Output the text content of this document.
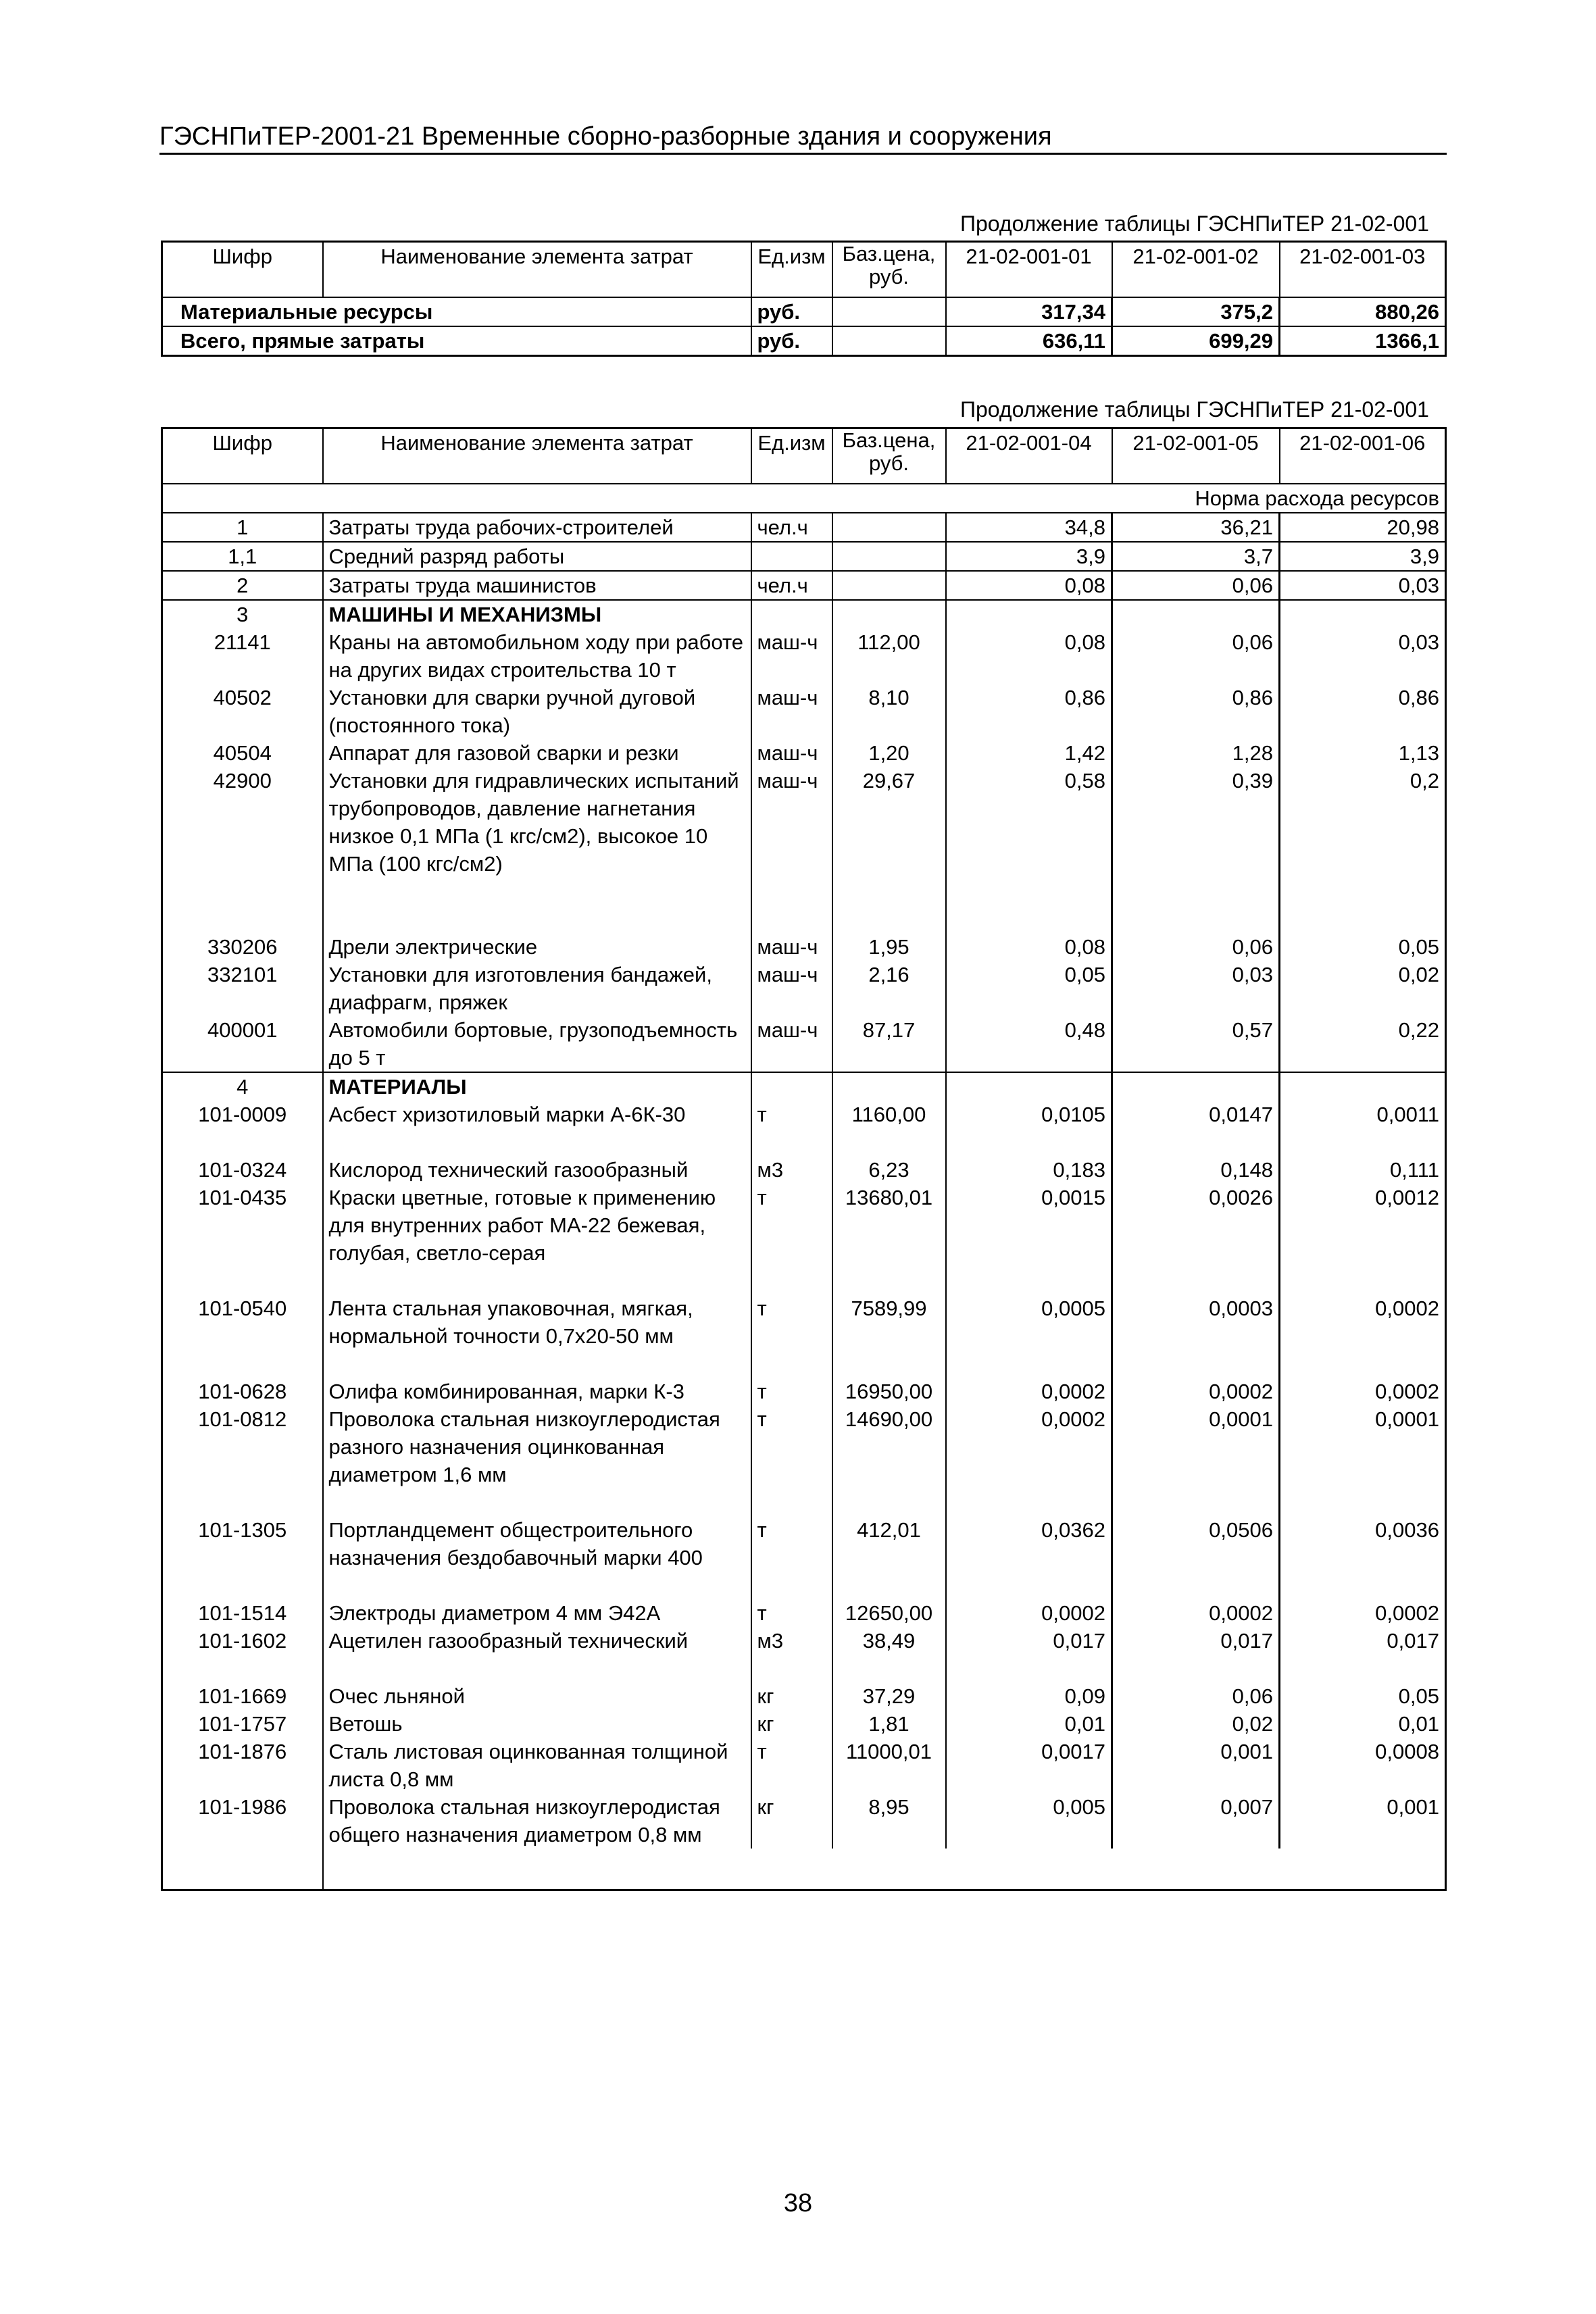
ГЭСНПиТЕР-2001-21 Временные сборно-разборные здания и сооружения
Продолжение таблицы ГЭСНПиТЕР 21-02-001
Шифр	Наименование элемента затрат	Ед.изм	Баз.цена, руб.	21-02-001-01	21-02-001-02	21-02-001-03
Материальные ресурсы		руб.		317,34	375,2	880,26
Всего, прямые затраты		руб.		636,11	699,29	1366,1
Продолжение таблицы ГЭСНПиТЕР 21-02-001
Шифр	Наименование элемента затрат	Ед.изм	Баз.цена, руб.	21-02-001-04	21-02-001-05	21-02-001-06
Норма расхода ресурсов						
1	Затраты труда рабочих-строителей	чел.ч		34,8	36,21	20,98
1,1	Средний разряд работы			3,9	3,7	3,9
2	Затраты труда машинистов	чел.ч		0,08	0,06	0,03
3	МАШИНЫ И МЕХАНИЗМЫ					
21141	Краны на автомобильном ходу при работе на других видах строительства 10 т	маш-ч	112,00	0,08	0,06	0,03
40502	Установки для сварки ручной дуговой (постоянного тока)	маш-ч	8,10	0,86	0,86	0,86
40504	Аппарат для газовой сварки и резки	маш-ч	1,20	1,42	1,28	1,13
42900	Установки для гидравлических испытаний трубопроводов, давление нагнетания низкое 0,1 МПа (1 кгс/см2), высокое 10 МПа (100 кгс/см2)	маш-ч	29,67	0,58	0,39	0,2
330206	Дрели электрические	маш-ч	1,95	0,08	0,06	0,05
332101	Установки для изготовления бандажей, диафрагм, пряжек	маш-ч	2,16	0,05	0,03	0,02
400001	Автомобили бортовые, грузоподъемность до 5 т	маш-ч	87,17	0,48	0,57	0,22
4	МАТЕРИАЛЫ					
101-0009	Асбест хризотиловый марки А-6К-30	т	1160,00	0,0105	0,0147	0,0011
101-0324	Кислород технический газообразный	м3	6,23	0,183	0,148	0,111
101-0435	Краски цветные, готовые к применению для внутренних работ МА-22 бежевая, голубая, светло-серая	т	13680,01	0,0015	0,0026	0,0012
101-0540	Лента стальная упаковочная, мягкая, нормальной точности 0,7х20-50 мм	т	7589,99	0,0005	0,0003	0,0002
101-0628	Олифа комбинированная, марки К-3	т	16950,00	0,0002	0,0002	0,0002
101-0812	Проволока стальная низкоуглеродистая разного назначения оцинкованная диаметром 1,6 мм	т	14690,00	0,0002	0,0001	0,0001
101-1305	Портландцемент общестроительного назначения бездобавочный марки 400	т	412,01	0,0362	0,0506	0,0036
101-1514	Электроды диаметром 4 мм Э42А	т	12650,00	0,0002	0,0002	0,0002
101-1602	Ацетилен газообразный технический	м3	38,49	0,017	0,017	0,017
101-1669	Очес льняной	кг	37,29	0,09	0,06	0,05
101-1757	Ветошь	кг	1,81	0,01	0,02	0,01
101-1876	Сталь листовая оцинкованная толщиной листа 0,8 мм	т	11000,01	0,0017	0,001	0,0008
101-1986	Проволока стальная низкоуглеродистая общего назначения диаметром 0,8 мм	кг	8,95	0,005	0,007	0,001

38
